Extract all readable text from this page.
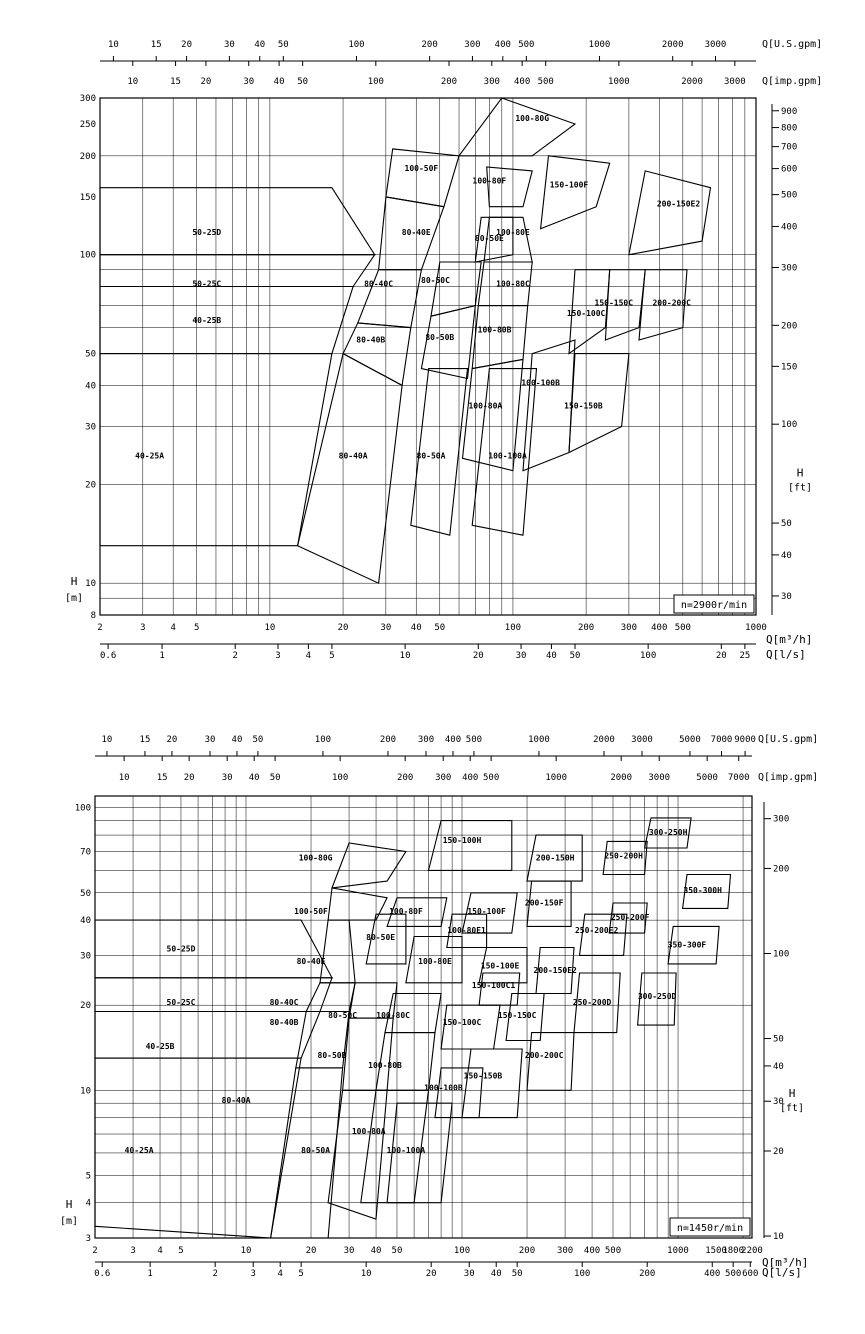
40-25A
40-25B
50-25C
50-25D
80-40A
80-40B
80-40C
80-40E
100-50F
80-50A
80-50B
80-50C
80-50E
100-80A
100-80B
100-80C
100-80E
100-80F
100-80G
100-100A
100-100B
150-100C
150-100F
150-150B
150-150C
200-150E2
200-200C
8
10
20
30
40
50
100
150
200
250
300
H
[m]	30
40
50
100
150
200
300
400
500
600
700
800
900
H
[ft]
2	3	4 5	10	20	30 40 50	100	200	300 400 500	1000
Q[m³/h]
0.6	1	2	3	4 5	10	20	30 40 50	100	20 25 Q[l/s]
10	15 20	30 40 50	100	200	300 400 500	1000	2000 3000
10	15 20	30 40 50	100	200	300 400 500	1000	2000 3000
Q[U.S.gpm]
Q[imp.gpm]
n=2900r/min
40-25A
40-25B
50-25C
50-25D
80-40A
80-40B
80-40C
80-40E
100-50F
100-80G
80-50A
80-50B
80-50C
80-50E
100-80A
100-80B
100-80C
100-80E
100-80F
100-80E1
100-100A
100-100B
150-100C
150-100C1
150-100E
150-100F
150-100H
150-150B
150-150C
200-150E2
200-150F
200-150H
200-200C
250-200D
250-200E2
250-200F
250-200H
300-250D
300-250H
350-300F
350-300H
3
4
5
10
20
30
40
50
70
100
H
[m]
10
20
30
40
50
100
200
300
H
[ft]
2	3 4 5	10	20	30 40 50	100	200 300 400 500	1000 1500
1800
2200
Q[m³/h]
0.6	1	2	3 4 5	10	20	30 40 50	100	200	400 500 600 Q[l/s]
10	15 20	30 40 50	100	200 300 400 500	1000	2000 3000	5000 7000 9000
10	15 20	30 40 50	100	200 300 400 500	1000	2000 3000	5000 7000
Q[U.S.gpm]
Q[imp.gpm]
n=1450r/min
